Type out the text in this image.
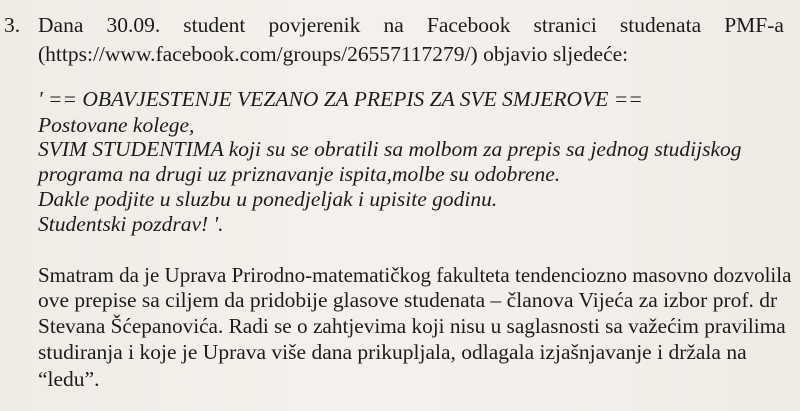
3. Dana 30.09. student povjerenik na Facebook stranici studenata PMF-a
(https://www.facebook.com/groups/26557117279/) objavio sljedeće:
' == OBAVJESTENJE VEZANO ZA PREPIS ZA SVE SMJEROVE ==
Postovane kolege,
SVIM STUDENTIMA koji su se obratili sa molbom za prepis sa jednog studijskog
programa na drugi uz priznavanje ispita,molbe su odobrene.
Dakle podjite u sluzbu u ponedjeljak i upisite godinu.
Studentski pozdrav! '.
Smatram da je Uprava Prirodno-matematičkog fakulteta tendenciozno masovno dozvolila
ove prepise sa ciljem da pridobije glasove studenata – članova Vijeća za izbor prof. dr
Stevana Šćepanovića. Radi se o zahtjevima koji nisu u saglasnosti sa važećim pravilima
studiranja i koje je Uprava više dana prikupljala, odlagala izjašnjavanje i držala na
“ledu”.
